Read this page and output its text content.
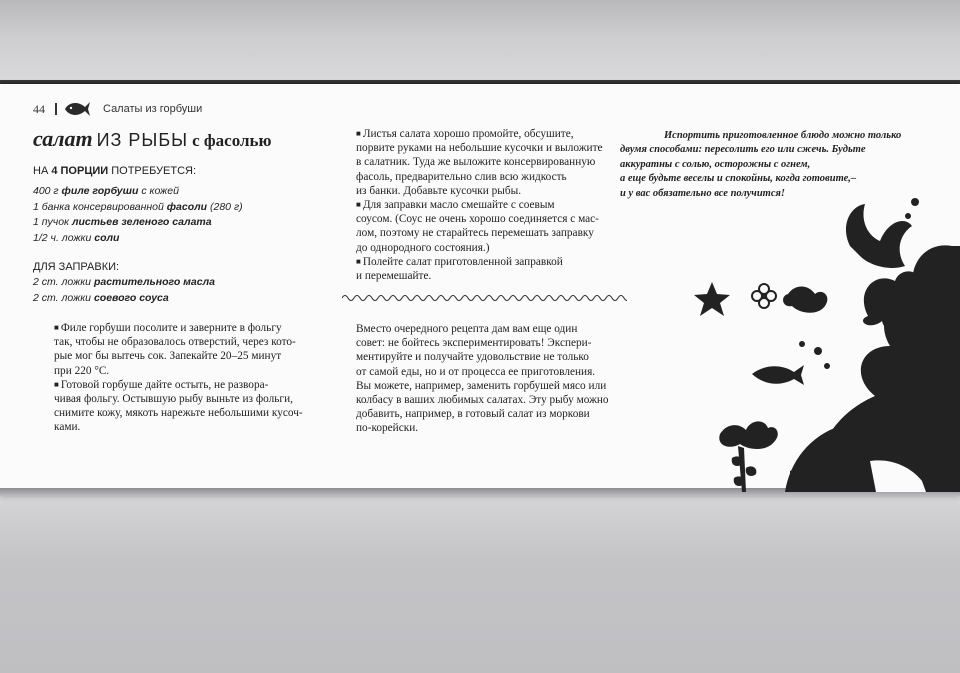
44	Салаты из горбуши
салат ИЗ РЫБЫ с фасолью
НА 4 ПОРЦИИ ПОТРЕБУЕТСЯ:
400 г филе горбуши с кожей
1 банка консервированной фасоли (280 г)
1 пучок листьев зеленого салата
1/2 ч. ложки соли
ДЛЯ ЗАПРАВКИ:
2 ст. ложки растительного масла
2 ст. ложки соевого соуса

■ Филе горбуши посолите и заверните в фольгу
так, чтобы не образовалось отверстий, через кото-
рые мог бы вытечь сок. Запекайте 20–25 минут
при 220 °С.

■ Готовой горбуше дайте остыть, не развора-
чивая фольгу. Остывшую рыбу выньте из фольги,
снимите кожу, мякоть нарежьте небольшими кусоч-
ками.

■ Листья салата хорошо промойте, обсушите,
порвите руками на небольшие кусочки и выложите
в салатник. Туда же выложите консервированную
фасоль, предварительно слив всю жидкость
из банки. Добавьте кусочки рыбы.

■ Для заправки масло смешайте с соевым
соусом. (Соус не очень хорошо соединяется с мас-
лом, поэтому не старайтесь перемешать заправку
до однородного состояния.)

■ Полейте салат приготовленной заправкой
и перемешайте.

Вместо очередного рецепта дам вам еще один
совет: не бойтесь экспериментировать! Экспери-
ментируйте и получайте удовольствие не только
от самой еды, но и от процесса ее приготовления.
Вы можете, например, заменить горбушей мясо или
колбасу в ваших любимых салатах. Эту рыбу можно
добавить, например, в готовый салат из моркови
по-корейски.

Испортить приготовленное блюдо можно только
двумя способами: пересолить его или сжечь. Будьте
аккуратны с солью, осторожны с огнем,
а еще будьте веселы и спокойны, когда готовите,–
и у вас обязательно все получится!
